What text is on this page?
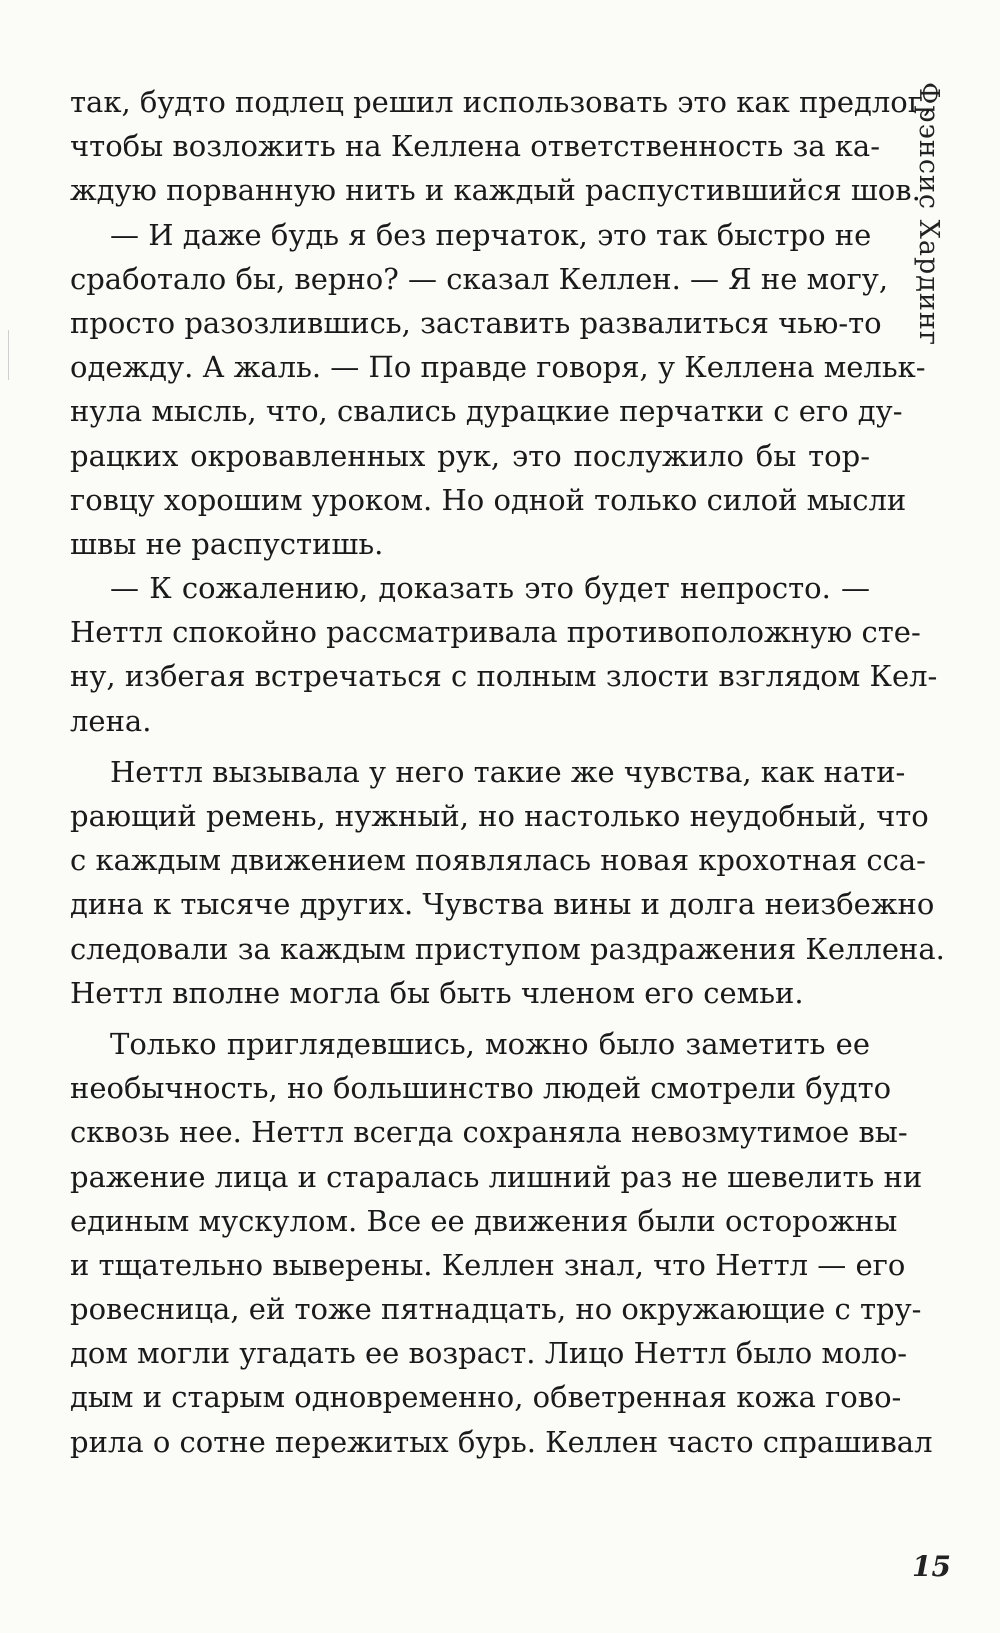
Фрэнсис Хардинг
так, будто подлец решил использовать это как предлог,
чтобы возложить на Келлена ответственность за ка-
ждую порванную нить и каждый распустившийся шов.
— И даже будь я без перчаток, это так быстро не
сработало бы, верно? — сказал Келлен. — Я не могу,
просто разозлившись, заставить развалиться чью-то
одежду. А жаль. — По правде говоря, у Келлена мельк-
нула мысль, что, свались дурацкие перчатки с его ду-
рацких окровавленных рук, это послужило бы тор-
говцу хорошим уроком. Но одной только силой мысли
швы не распустишь.
— К сожалению, доказать это будет непросто. —
Неттл спокойно рассматривала противоположную сте-
ну, избегая встречаться с полным злости взглядом Кел-
лена.
Неттл вызывала у него такие же чувства, как нати-
рающий ремень, нужный, но настолько неудобный, что
с каждым движением появлялась новая крохотная сса-
дина к тысяче других. Чувства вины и долга неизбежно
следовали за каждым приступом раздражения Келлена.
Неттл вполне могла бы быть членом его семьи.
Только приглядевшись, можно было заметить ее
необычность, но большинство людей смотрели будто
сквозь нее. Неттл всегда сохраняла невозмутимое вы-
ражение лица и старалась лишний раз не шевелить ни
единым мускулом. Все ее движения были осторожны
и тщательно выверены. Келлен знал, что Неттл — его
ровесница, ей тоже пятнадцать, но окружающие с тру-
дом могли угадать ее возраст. Лицо Неттл было моло-
дым и старым одновременно, обветренная кожа гово-
рила о сотне пережитых бурь. Келлен часто спрашивал
15
